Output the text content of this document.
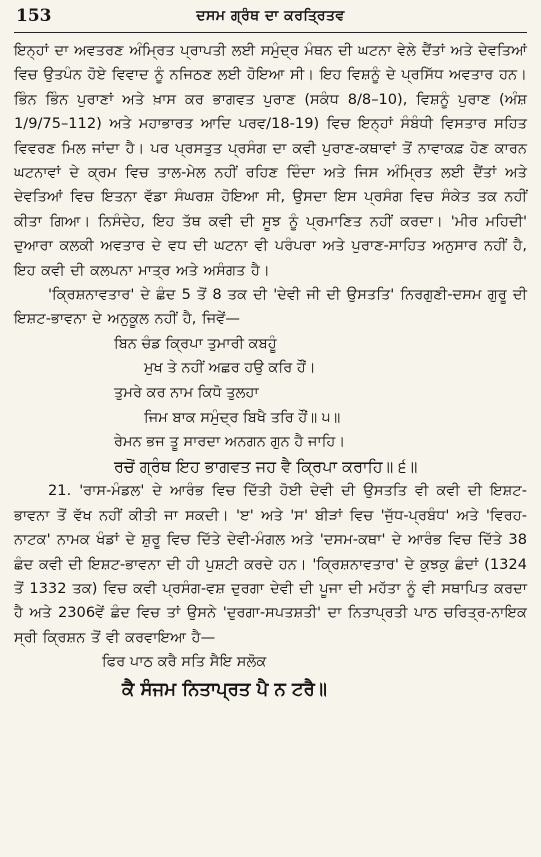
153	ਦਸਮ ਗ੍ਰੰਥ ਦਾ ਕਰਤ੍ਰਿਤਵ

ਇਨ੍ਹਾਂ ਦਾ ਅਵਤਰਣ ਅੰਮ੍ਰਿਤ ਪ੍ਰਾਪਤੀ ਲਈ ਸਮੁੰਦ੍ਰ ਮੰਥਨ ਦੀ ਘਟਨਾ ਵੇਲੇ ਦੈਂਤਾਂ ਅਤੇ ਦੇਵਤਿਆਂ ਵਿਚ ਉਤਪੰਨ ਹੋਏ ਵਿਵਾਦ ਨੂੰ ਨਜਿਠਣ ਲਈ ਹੋਇਆ ਸੀ। ਇਹ ਵਿਸ਼ਨੂੰ ਦੇ ਪ੍ਰਸਿੱਧ ਅਵਤਾਰ ਹਨ। ਭਿੰਨ ਭਿੰਨ ਪੁਰਾਣਾਂ ਅਤੇ ਖ਼ਾਸ ਕਰ ਭਾਗਵਤ ਪੁਰਾਣ (ਸਕੰਧ 8/8–10), ਵਿਸ਼ਨੂੰ ਪੁਰਾਣ (ਅੰਸ਼ 1/9/75–112) ਅਤੇ ਮਹਾਭਾਰਤ ਆਦਿ ਪਰਵ/18-19) ਵਿਚ ਇਨ੍ਹਾਂ ਸੰਬੰਧੀ ਵਿਸਤਾਰ ਸਹਿਤ ਵਿਵਰਣ ਮਿਲ ਜਾਂਦਾ ਹੈ। ਪਰ ਪ੍ਰਸਤੁਤ ਪ੍ਰਸੰਗ ਦਾ ਕਵੀ ਪੁਰਾਣ-ਕਥਾਵਾਂ ਤੋਂ ਨਾਵਾਕਫ਼ ਹੋਣ ਕਾਰਨ ਘਟਨਾਵਾਂ ਦੇ ਕ੍ਰਮ ਵਿਚ ਤਾਲ-ਮੇਲ ਨਹੀਂ ਰਹਿਣ ਦਿੰਦਾ ਅਤੇ ਜਿਸ ਅੰਮ੍ਰਿਤ ਲਈ ਦੈਂਤਾਂ ਅਤੇ ਦੇਵਤਿਆਂ ਵਿਚ ਇਤਨਾ ਵੱਡਾ ਸੰਘਰਸ਼ ਹੋਇਆ ਸੀ, ਉਸਦਾ ਇਸ ਪ੍ਰਸੰਗ ਵਿਚ ਸੰਕੇਤ ਤਕ ਨਹੀਂ ਕੀਤਾ ਗਿਆ। ਨਿਸੰਦੇਹ, ਇਹ ਤੱਥ ਕਵੀ ਦੀ ਸੂਝ ਨੂੰ ਪ੍ਰਮਾਣਿਤ ਨਹੀਂ ਕਰਦਾ। 'ਮੀਰ ਮਹਿਦੀ' ਦੁਆਰਾ ਕਲਕੀ ਅਵਤਾਰ ਦੇ ਵਧ ਦੀ ਘਟਨਾ ਵੀ ਪਰੰਪਰਾ ਅਤੇ ਪੁਰਾਣ-ਸਾਹਿਤ ਅਨੁਸਾਰ ਨਹੀਂ ਹੈ, ਇਹ ਕਵੀ ਦੀ ਕਲਪਨਾ ਮਾਤ੍ਰ ਅਤੇ ਅਸੰਗਤ ਹੈ।

'ਕ੍ਰਿਸ਼ਨਾਵਤਾਰ' ਦੇ ਛੰਦ 5 ਤੋਂ 8 ਤਕ ਦੀ 'ਦੇਵੀ ਜੀ ਦੀ ਉਸਤਤਿ' ਨਿਰਗੁਣੀ-ਦਸਮ ਗੁਰੂ ਦੀ ਇਸ਼ਟ-ਭਾਵਨਾ ਦੇ ਅਨੁਕੂਲ ਨਹੀਂ ਹੈ, ਜਿਵੇਂ—

ਬਿਨ ਚੰਡ ਕ੍ਰਿਪਾ ਤੁਮਾਰੀ ਕਬਹੂੰ
ਮੁਖ ਤੇ ਨਹੀਂ ਅਛਰ ਹਉ ਕਰਿ ਹੌਂ।
ਤੁਮਰੇ ਕਰ ਨਾਮ ਕਿਧੋ ਤੁਲਹਾ
ਜਿਮ ਬਾਕ ਸਮੁੰਦ੍ਰ ਬਿਖੈ ਤਰਿ ਹੌਂ॥ ੫॥
ਰੇਮਨ ਭਜ ਤੂ ਸਾਰਦਾ ਅਨਗਨ ਗੁਨ ਹੈ ਜਾਹਿ।
ਰਚੋਂ ਗ੍ਰੰਥ ਇਹ ਭਾਗਵਤ ਜਹ ਵੈ ਕ੍ਰਿਪਾ ਕਰਾਹਿ॥ ੬॥

21. 'ਰਾਸ-ਮੰਡਲ' ਦੇ ਆਰੰਭ ਵਿਚ ਦਿੱਤੀ ਹੋਈ ਦੇਵੀ ਦੀ ਉਸਤਤਿ ਵੀ ਕਵੀ ਦੀ ਇਸ਼ਟ-ਭਾਵਨਾ ਤੋਂ ਵੱਖ ਨਹੀਂ ਕੀਤੀ ਜਾ ਸਕਦੀ। 'ੲ' ਅਤੇ 'ਸ' ਬੀੜਾਂ ਵਿਚ 'ਜੁੱਧ-ਪ੍ਰਬੰਧ' ਅਤੇ 'ਵਿਰਹ-ਨਾਟਕ' ਨਾਮਕ ਖੰਡਾਂ ਦੇ ਸ਼ੁਰੂ ਵਿਚ ਦਿੱਤੇ ਦੇਵੀ-ਮੰਗਲ ਅਤੇ 'ਦਸਮ-ਕਥਾ' ਦੇ ਆਰੰਭ ਵਿਚ ਦਿੱਤੇ 38 ਛੰਦ ਕਵੀ ਦੀ ਇਸ਼ਟ-ਭਾਵਨਾ ਦੀ ਹੀ ਪੁਸ਼ਟੀ ਕਰਦੇ ਹਨ। 'ਕ੍ਰਿਸ਼ਨਾਵਤਾਰ' ਦੇ ਕੁਝਕੁ ਛੰਦਾਂ (1324 ਤੋਂ 1332 ਤਕ) ਵਿਚ ਕਵੀ ਪ੍ਰਸੰਗ-ਵਸ਼ ਦੁਰਗਾ ਦੇਵੀ ਦੀ ਪੂਜਾ ਦੀ ਮਹੱਤਾ ਨੂੰ ਵੀ ਸਥਾਪਿਤ ਕਰਦਾ ਹੈ ਅਤੇ 2306ਵੇਂ ਛੰਦ ਵਿਚ ਤਾਂ ਉਸਨੇ 'ਦੁਰਗਾ-ਸਪਤਸ਼ਤੀ' ਦਾ ਨਿਤਾਪ੍ਰਤੀ ਪਾਠ ਚਰਿਤ੍ਰ-ਨਾਇਕ ਸ੍ਰੀ ਕ੍ਰਿਸ਼ਨ ਤੋਂ ਵੀ ਕਰਵਾਇਆ ਹੈ—

ਫਿਰ ਪਾਠ ਕਰੈ ਸਤਿ ਸੈਇ ਸਲੋਕ
ਕੈ ਸੰਜਮ ਨਿਤਾਪ੍ਰਤ ਪੈ ਨ ਟਰੈ॥
